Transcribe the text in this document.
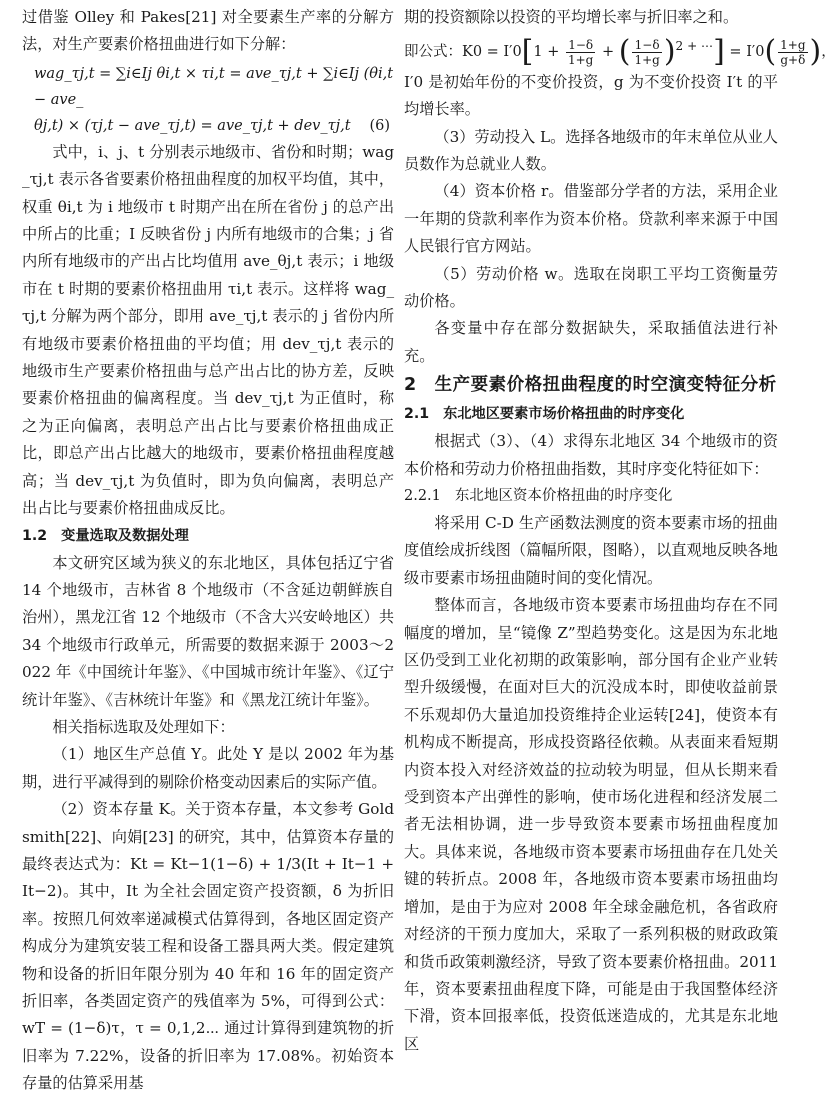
过借鉴 Olley 和 Pakes[21] 对全要素生产率的分解方法，对生产要素价格扭曲进行如下分解：

wag_τj,t = ∑i∈Ij θi,t × τi,t = ave_τj,t + ∑i∈Ij (θi,t − ave_
(6)
θj,t) × (τj,t − ave_τj,t) = ave_τj,t + dev_τj,t

式中，i、j、t 分别表示地级市、省份和时期；wag_τj,t 表示各省要素价格扭曲程度的加权平均值，其中，权重 θi,t 为 i 地级市 t 时期产出在所在省份 j 的总产出中所占的比重；I 反映省份 j 内所有地级市的合集；j 省内所有地级市的产出占比均值用 ave_θj,t 表示；i 地级市在 t 时期的要素价格扭曲用 τi,t 表示。这样将 wag_τj,t 分解为两个部分，即用 ave_τj,t 表示的 j 省份内所有地级市要素价格扭曲的平均值；用 dev_τj,t 表示的地级市生产要素价格扭曲与总产出占比的协方差，反映要素价格扭曲的偏离程度。当 dev_τj,t 为正值时，称之为正向偏离，表明总产出占比与要素价格扭曲成正比，即总产出占比越大的地级市，要素价格扭曲程度越高；当 dev_τj,t 为负值时，即为负向偏离，表明总产出占比与要素价格扭曲成反比。

1.2 变量选取及数据处理

本文研究区域为狭义的东北地区，具体包括辽宁省 14 个地级市，吉林省 8 个地级市（不含延边朝鲜族自治州），黑龙江省 12 个地级市（不含大兴安岭地区）共 34 个地级市行政单元，所需要的数据来源于 2003～2022 年《中国统计年鉴》、《中国城市统计年鉴》、《辽宁统计年鉴》、《吉林统计年鉴》和《黑龙江统计年鉴》。

相关指标选取及处理如下：

（1）地区生产总值 Y。此处 Y 是以 2002 年为基期，进行平减得到的剔除价格变动因素后的实际产值。

（2）资本存量 K。关于资本存量，本文参考 Goldsmith[22]、向娟[23] 的研究，其中，估算资本存量的最终表达式为：Kt = Kt−1(1−δ) + 1/3(It + It−1 + It−2)。其中，It 为全社会固定资产投资额，δ 为折旧率。按照几何效率递减模式估算得到，各地区固定资产构成分为建筑安装工程和设备工器具两大类。假定建筑物和设备的折旧年限分别为 40 年和 16 年的固定资产折旧率，各类固定资产的残值率为 5%，可得到公式：wT = (1−δ)τ，τ = 0,1,2⋯ 通过计算得到建筑物的折旧率为 7.22%，设备的折旧率为 17.08%。初始资本存量的估算采用基

期的投资额除以投资的平均增长率与折旧率之和。

即公式：$K0 = I'0[1 + \frac{1-\delta}{1+g}$ + ( $\frac{1-\delta}{1+g} )^{2 + \cdots}] = I'0( \frac{1+g}{g+\delta}$ )，

I′0 是初始年份的不变价投资，g 为不变价投资 I′t 的平均增长率。

（3）劳动投入 L。选择各地级市的年末单位从业人员数作为总就业人数。

（4）资本价格 r。借鉴部分学者的方法，采用企业一年期的贷款利率作为资本价格。贷款利率来源于中国人民银行官方网站。

（5）劳动价格 w。选取在岗职工平均工资衡量劳动价格。

各变量中存在部分数据缺失，采取插值法进行补充。

2　生产要素价格扭曲程度的时空演变特征分析
2.1 东北地区要素市场价格扭曲的时序变化

根据式（3）、（4）求得东北地区 34 个地级市的资本价格和劳动力价格扭曲指数，其时序变化特征如下：

2.2.1 东北地区资本价格扭曲的时序变化

将采用 C-D 生产函数法测度的资本要素市场的扭曲度值绘成折线图（篇幅所限，图略），以直观地反映各地级市要素市场扭曲随时间的变化情况。

整体而言，各地级市资本要素市场扭曲均存在不同幅度的增加，呈“镜像 Z”型趋势变化。这是因为东北地区仍受到工业化初期的政策影响，部分国有企业产业转型升级缓慢，在面对巨大的沉没成本时，即使收益前景不乐观却仍大量追加投资维持企业运转[24]，使资本有机构成不断提高，形成投资路径依赖。从表面来看短期内资本投入对经济效益的拉动较为明显，但从长期来看受到资本产出弹性的影响，使市场化进程和经济发展二者无法相协调，进一步导致资本要素市场扭曲程度加大。具体来说，各地级市资本要素市场扭曲存在几处关键的转折点。2008 年，各地级市资本要素市场扭曲均增加，是由于为应对 2008 年全球金融危机，各省政府对经济的干预力度加大，采取了一系列积极的财政政策和货币政策刺激经济，导致了资本要素价格扭曲。2011 年，资本要素扭曲程度下降，可能是由于我国整体经济下滑，资本回报率低，投资低迷造成的，尤其是东北地区
